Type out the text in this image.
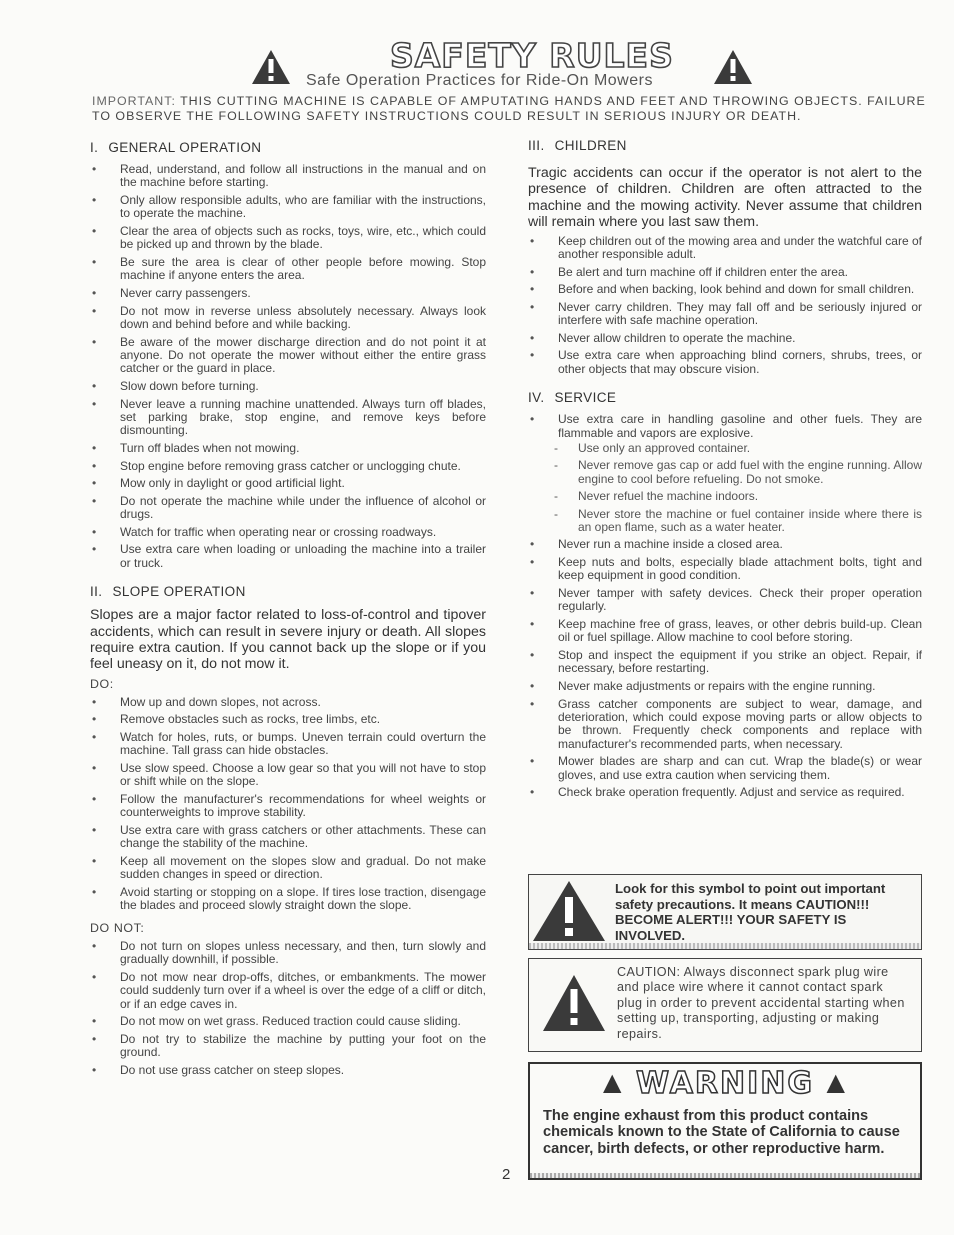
SAFETY RULES
Safe Operation Practices for Ride-On Mowers
IMPORTANT: THIS CUTTING MACHINE IS CAPABLE OF AMPUTATING HANDS AND FEET AND THROWING OBJECTS. FAILURE TO OBSERVE THE FOLLOWING SAFETY INSTRUCTIONS COULD RESULT IN SERIOUS INJURY OR DEATH.
I. GENERAL OPERATION
• Read, understand, and follow all instructions in the manual and on the machine before starting.
• Only allow responsible adults, who are familiar with the instructions, to operate the machine.
• Clear the area of objects such as rocks, toys, wire, etc., which could be picked up and thrown by the blade.
• Be sure the area is clear of other people before mowing. Stop machine if anyone enters the area.
• Never carry passengers.
• Do not mow in reverse unless absolutely necessary. Always look down and behind before and while backing.
• Be aware of the mower discharge direction and do not point it at anyone. Do not operate the mower without either the entire grass catcher or the guard in place.
• Slow down before turning.
• Never leave a running machine unattended. Always turn off blades, set parking brake, stop engine, and remove keys before dismounting.
• Turn off blades when not mowing.
• Stop engine before removing grass catcher or unclogging chute.
• Mow only in daylight or good artificial light.
• Do not operate the machine while under the influence of alcohol or drugs.
• Watch for traffic when operating near or crossing roadways.
• Use extra care when loading or unloading the machine into a trailer or truck.
II. SLOPE OPERATION

Slopes are a major factor related to loss-of-control and tipover accidents, which can result in severe injury or death. All slopes require extra caution. If you cannot back up the slope or if you feel uneasy on it, do not mow it.

DO:
• Mow up and down slopes, not across.
• Remove obstacles such as rocks, tree limbs, etc.
• Watch for holes, ruts, or bumps. Uneven terrain could overturn the machine. Tall grass can hide obstacles.
• Use slow speed. Choose a low gear so that you will not have to stop or shift while on the slope.
• Follow the manufacturer's recommendations for wheel weights or counterweights to improve stability.
• Use extra care with grass catchers or other attachments. These can change the stability of the machine.
• Keep all movement on the slopes slow and gradual. Do not make sudden changes in speed or direction.
• Avoid starting or stopping on a slope. If tires lose traction, disengage the blades and proceed slowly straight down the slope.
DO NOT:
• Do not turn on slopes unless necessary, and then, turn slowly and gradually downhill, if possible.
• Do not mow near drop-offs, ditches, or embankments. The mower could suddenly turn over if a wheel is over the edge of a cliff or ditch, or if an edge caves in.
• Do not mow on wet grass. Reduced traction could cause sliding.
• Do not try to stabilize the machine by putting your foot on the ground.
• Do not use grass catcher on steep slopes.
III. CHILDREN

Tragic accidents can occur if the operator is not alert to the presence of children. Children are often attracted to the machine and the mowing activity. Never assume that children will remain where you last saw them.

• Keep children out of the mowing area and under the watchful care of another responsible adult.
• Be alert and turn machine off if children enter the area.
• Before and when backing, look behind and down for small children.
• Never carry children. They may fall off and be seriously injured or interfere with safe machine operation.
• Never allow children to operate the machine.
• Use extra care when approaching blind corners, shrubs, trees, or other objects that may obscure vision.
IV. SERVICE
• Use extra care in handling gasoline and other fuels. They are flammable and vapors are explosive.
- Use only an approved container.
- Never remove gas cap or add fuel with the engine running. Allow engine to cool before refueling. Do not smoke.
- Never refuel the machine indoors.
- Never store the machine or fuel container inside where there is an open flame, such as a water heater.
• Never run a machine inside a closed area.
• Keep nuts and bolts, especially blade attachment bolts, tight and keep equipment in good condition.
• Never tamper with safety devices. Check their proper operation regularly.
• Keep machine free of grass, leaves, or other debris build-up. Clean oil or fuel spillage. Allow machine to cool before storing.
• Stop and inspect the equipment if you strike an object. Repair, if necessary, before restarting.
• Never make adjustments or repairs with the engine running.
• Grass catcher components are subject to wear, damage, and deterioration, which could expose moving parts or allow objects to be thrown. Frequently check components and replace with manufacturer's recommended parts, when necessary.
• Mower blades are sharp and can cut. Wrap the blade(s) or wear gloves, and use extra caution when servicing them.
• Check brake operation frequently. Adjust and service as required.
Look for this symbol to point out important safety precautions. It means CAUTION!!! BECOME ALERT!!! YOUR SAFETY IS INVOLVED.
CAUTION: Always disconnect spark plug wire and place wire where it cannot contact spark plug in order to prevent accidental starting when setting up, transporting, adjusting or making repairs.
▲ WARNING ▲
The engine exhaust from this product contains chemicals known to the State of California to cause cancer, birth defects, or other reproductive harm.
2
